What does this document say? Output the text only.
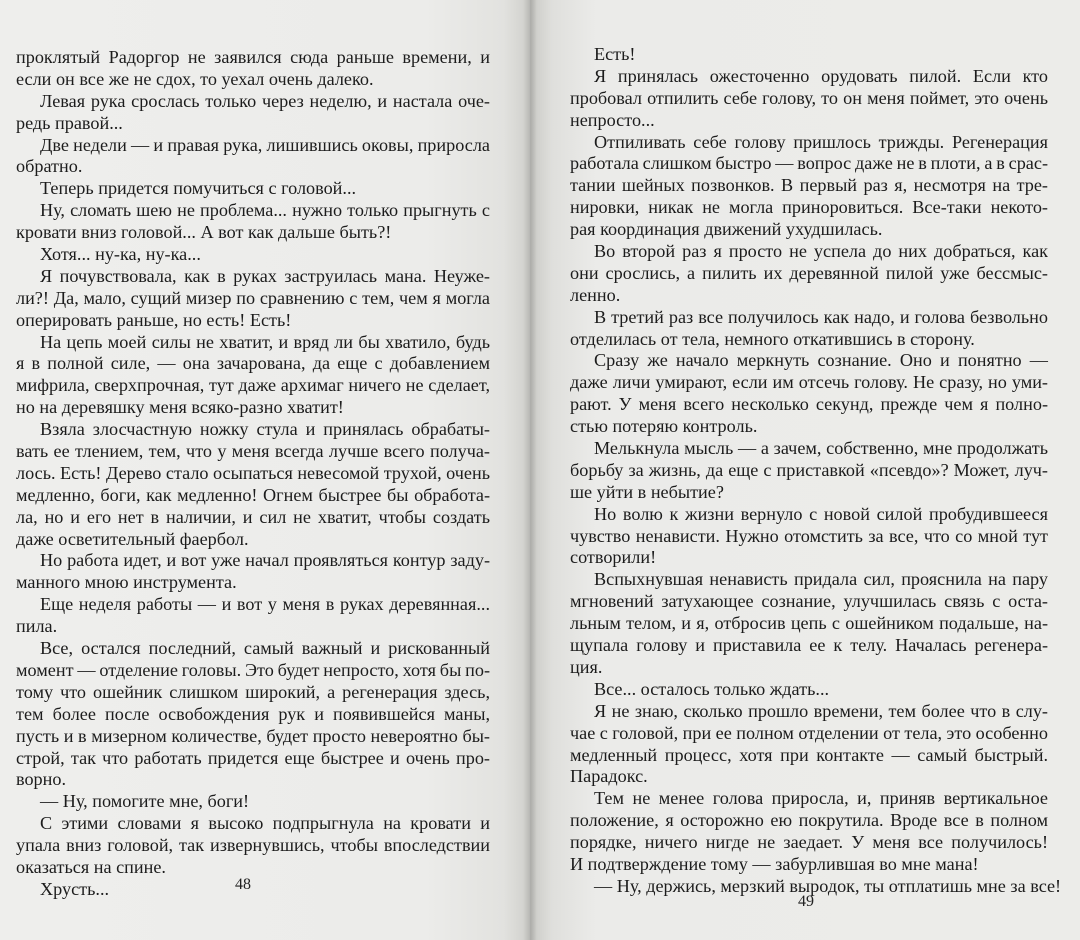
проклятый Радоргор не заявился сюда раньше времени, и
если он все же не сдох, то уехал очень далеко.
Левая рука срослась только через неделю, и настала оче-
редь правой...
Две недели — и правая рука, лишившись оковы, приросла
обратно.
Теперь придется помучиться с головой...
Ну, сломать шею не проблема... нужно только прыгнуть с
кровати вниз головой... А вот как дальше быть?!
Хотя... ну-ка, ну-ка...
Я почувствовала, как в руках заструилась мана. Неуже-
ли?! Да, мало, сущий мизер по сравнению с тем, чем я могла
оперировать раньше, но есть! Есть!
На цепь моей силы не хватит, и вряд ли бы хватило, будь
я в полной силе, — она зачарована, да еще с добавлением
мифрила, сверхпрочная, тут даже архимаг ничего не сделает,
но на деревяшку меня всяко-разно хватит!
Взяла злосчастную ножку стула и принялась обрабаты-
вать ее тлением, тем, что у меня всегда лучше всего получа-
лось. Есть! Дерево стало осыпаться невесомой трухой, очень
медленно, боги, как медленно! Огнем быстрее бы обработа-
ла, но и его нет в наличии, и сил не хватит, чтобы создать
даже осветительный фаербол.
Но работа идет, и вот уже начал проявляться контур заду-
манного мною инструмента.
Еще неделя работы — и вот у меня в руках деревянная...
пила.
Все, остался последний, самый важный и рискованный
момент — отделение головы. Это будет непросто, хотя бы по-
тому что ошейник слишком широкий, а регенерация здесь,
тем более после освобождения рук и появившейся маны,
пусть и в мизерном количестве, будет просто невероятно бы-
строй, так что работать придется еще быстрее и очень про-
ворно.
— Ну, помогите мне, боги!
С этими словами я высоко подпрыгнула на кровати и
упала вниз головой, так извернувшись, чтобы впоследствии
оказаться на спине.
Хрусть...	48
Есть!
Я принялась ожесточенно орудовать пилой. Если кто
пробовал отпилить себе голову, то он меня поймет, это очень
непросто...
Отпиливать себе голову пришлось трижды. Регенерация
работала слишком быстро — вопрос даже не в плоти, а в срас-
тании шейных позвонков. В первый раз я, несмотря на тре-
нировки, никак не могла приноровиться. Все-таки некото-
рая координация движений ухудшилась.
Во второй раз я просто не успела до них добраться, как
они срослись, а пилить их деревянной пилой уже бессмыс-
ленно.
В третий раз все получилось как надо, и голова безвольно
отделилась от тела, немного откатившись в сторону.
Сразу же начало меркнуть сознание. Оно и понятно —
даже личи умирают, если им отсечь голову. Не сразу, но уми-
рают. У меня всего несколько секунд, прежде чем я полно-
стью потеряю контроль.
Мелькнула мысль — а зачем, собственно, мне продолжать
борьбу за жизнь, да еще с приставкой «псевдо»? Может, луч-
ше уйти в небытие?
Но волю к жизни вернуло с новой силой пробудившееся
чувство ненависти. Нужно отомстить за все, что со мной тут
сотворили!
Вспыхнувшая ненависть придала сил, прояснила на пару
мгновений затухающее сознание, улучшилась связь с оста-
льным телом, и я, отбросив цепь с ошейником подальше, на-
щупала голову и приставила ее к телу. Началась регенера-
ция.
Все... осталось только ждать...
Я не знаю, сколько прошло времени, тем более что в слу-
чае с головой, при ее полном отделении от тела, это особенно
медленный процесс, хотя при контакте — самый быстрый.
Парадокс.
Тем не менее голова приросла, и, приняв вертикальное
положение, я осторожно ею покрутила. Вроде все в полном
порядке, ничего нигде не заедает. У меня все получилось!
И подтверждение тому — забурлившая во мне мана!
— Ну, держись, мерзкий выродок, ты отплатишь мне за все!
49
